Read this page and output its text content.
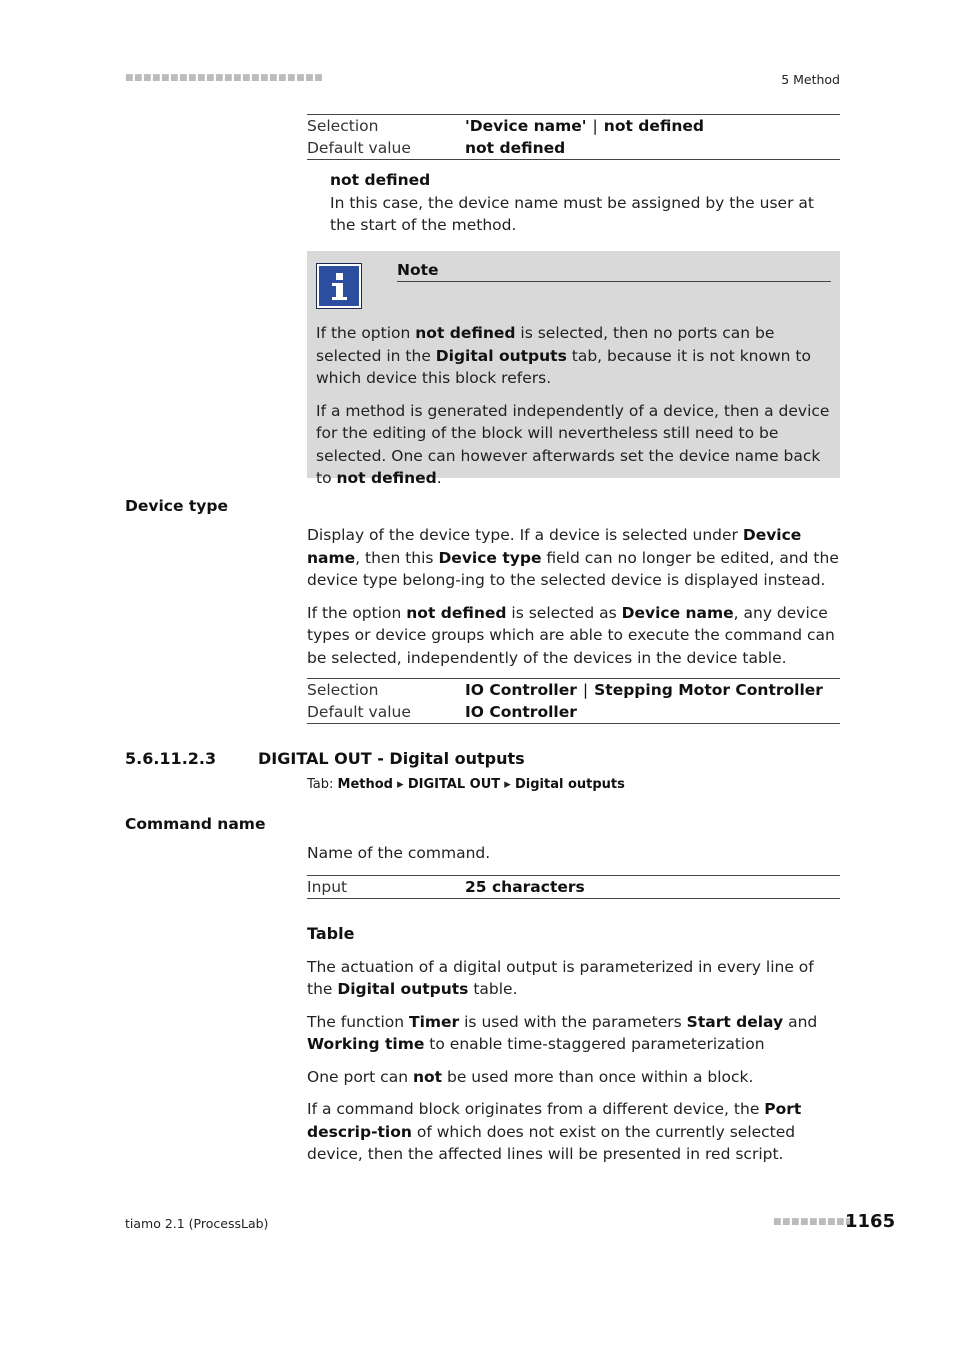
■■■■■■■■■■■■■■■■■■■■■■	5 Method
Selection	'Device name' | not defined
Default value	not defined

not defined

In this case, the device name must be assigned by the user at the start of the method.

Note

If the option not defined is selected, then no ports can be selected in the Digital outputs tab, because it is not known to which device this block refers.

If a method is generated independently of a device, then a device for the editing of the block will nevertheless still need to be selected. One can however afterwards set the device name back to not defined.

Device type

Display of the device type. If a device is selected under Device name, then this Device type field can no longer be edited, and the device type belong-ing to the selected device is displayed instead.

If the option not defined is selected as Device name, any device types or device groups which are able to execute the command can be selected, independently of the devices in the device table.

Selection	IO Controller | Stepping Motor Controller
Default value	IO Controller
5.6.11.2.3	DIGITAL OUT - Digital outputs
Tab: Method ▸ DIGITAL OUT ▸ Digital outputs
Command name

Name of the command.

Input	25 characters

Table

The actuation of a digital output is parameterized in every line of the Digital outputs table.

The function Timer is used with the parameters Start delay and Working time to enable time-staggered parameterization

One port can not be used more than once within a block.

If a command block originates from a different device, the Port descrip-tion of which does not exist on the currently selected device, then the affected lines will be presented in red script.

tiamo 2.1 (ProcessLab)	■■■■■■■■■
1165
